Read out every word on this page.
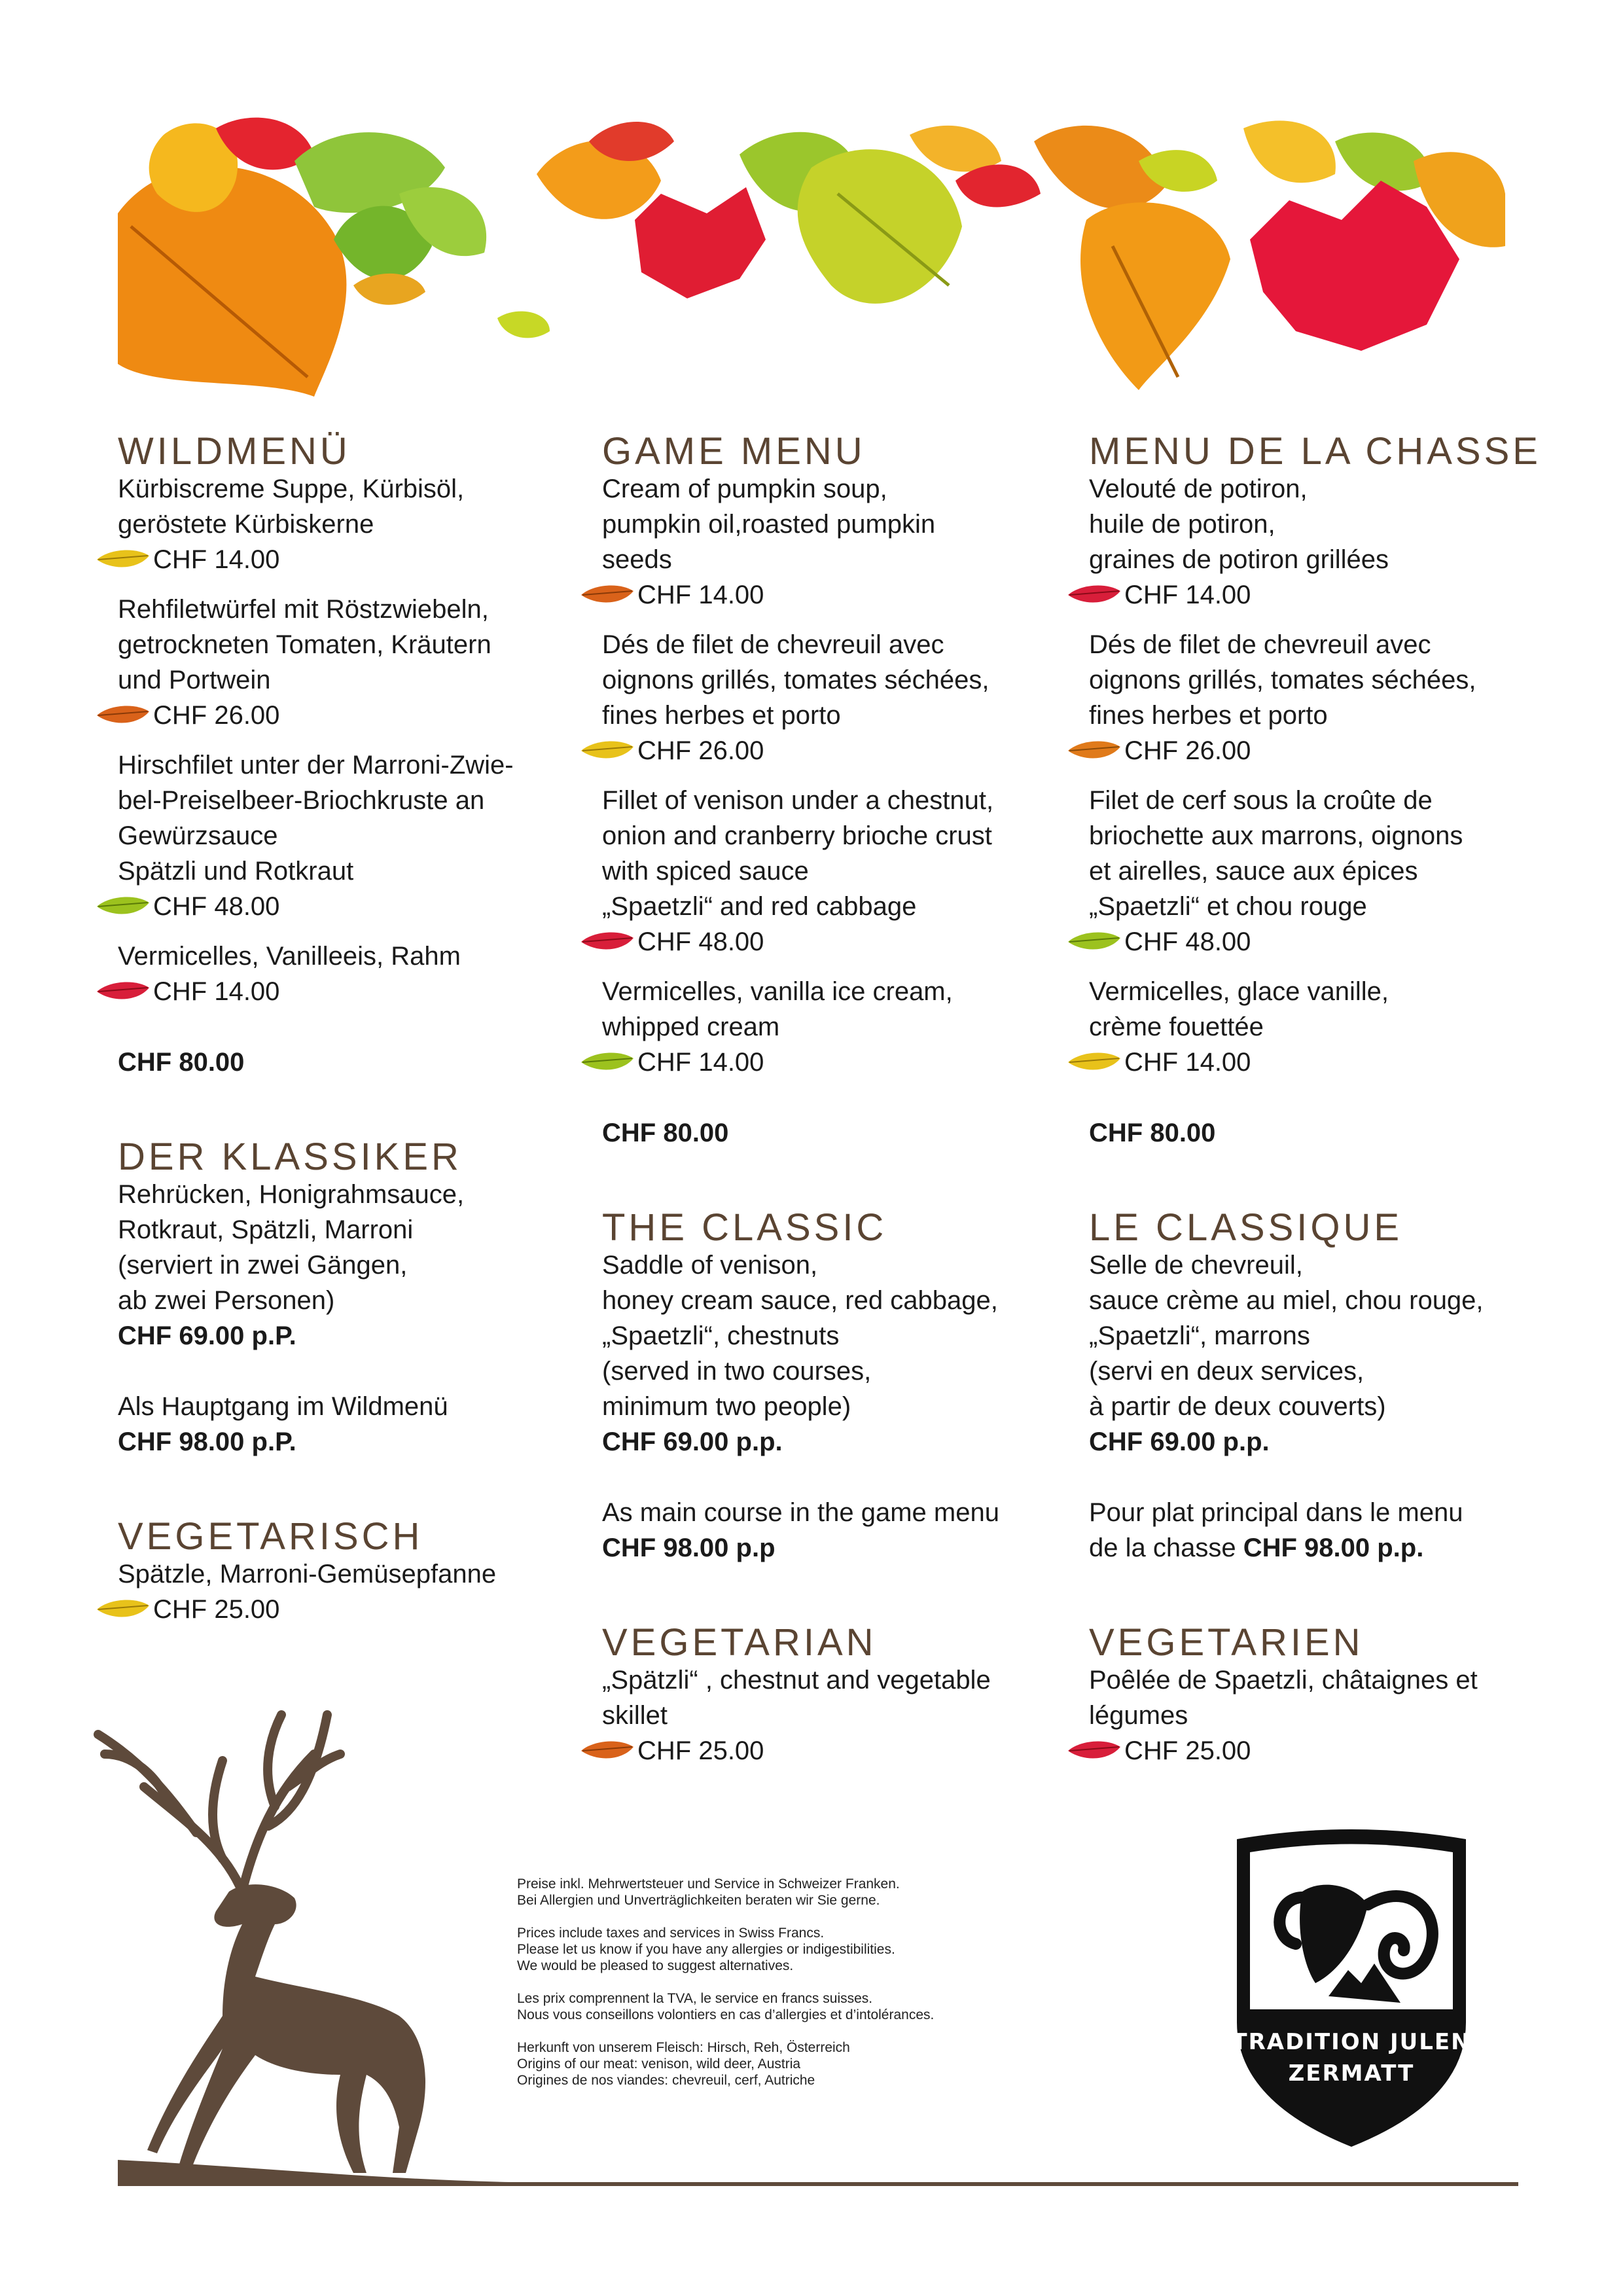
WILDMENÜ

Kürbiscreme Suppe, Kürbisöl,
geröstete Kürbiskerne

CHF 14.00

Rehfiletwürfel mit Röstzwiebeln,
getrockneten Tomaten, Kräutern
und Portwein

CHF 26.00

Hirschfilet unter der Marroni-Zwie-
bel-Preiselbeer-Briochkruste an
Gewürzsauce
Spätzli und Rotkraut

CHF 48.00

Vermicelles, Vanilleeis, Rahm

CHF 14.00

CHF 80.00

DER KLASSIKER

Rehrücken, Honigrahmsauce,
Rotkraut, Spätzli, Marroni
(serviert in zwei Gängen,
ab zwei Personen)

CHF 69.00 p.P.

Als Hauptgang im Wildmenü

CHF 98.00 p.P.

VEGETARISCH

Spätzle, Marroni-Gemüsepfanne

CHF 25.00
GAME MENU

Cream of pumpkin soup,
pumpkin oil,roasted pumpkin
seeds

CHF 14.00

Dés de filet de chevreuil avec
oignons grillés, tomates séchées,
fines herbes et porto

CHF 26.00

Fillet of venison under a chestnut,
onion and cranberry brioche crust
with spiced sauce
„Spaetzli“ and red cabbage

CHF 48.00

Vermicelles, vanilla ice cream,
whipped cream

CHF 14.00

CHF 80.00

THE CLASSIC

Saddle of venison,
honey cream sauce, red cabbage,
„Spaetzli“, chestnuts
(served in two courses,
minimum two people)

CHF 69.00 p.p.

As main course in the game menu

CHF 98.00 p.p

VEGETARIAN

„Spätzli“ , chestnut and vegetable
skillet

CHF 25.00
MENU DE LA CHASSE

Velouté de potiron,
huile de potiron,
graines de potiron grillées

CHF 14.00

Dés de filet de chevreuil avec
oignons grillés, tomates séchées,
fines herbes et porto

CHF 26.00

Filet de cerf sous la croûte de
briochette aux marrons, oignons
et airelles, sauce aux épices
„Spaetzli“ et chou rouge

CHF 48.00

Vermicelles, glace vanille,
crème fouettée

CHF 14.00

CHF 80.00

LE CLASSIQUE

Selle de chevreuil,
sauce crème au miel, chou rouge,
„Spaetzli“, marrons
(servi en deux services,
à partir de deux couverts)

CHF 69.00 p.p.

Pour plat principal dans le menu
de la chasse CHF 98.00 p.p.

VEGETARIEN

Poêlée de Spaetzli, châtaignes et
légumes

CHF 25.00

Preise inkl. Mehrwertsteuer und Service in Schweizer Franken.
Bei Allergien und Unverträglichkeiten beraten wir Sie gerne.

Prices include taxes and services in Swiss Francs.
Please let us know if you have any allergies or indigestibilities.
We would be pleased to suggest alternatives.

Les prix comprennent la TVA, le service en francs suisses.
Nous vous conseillons volontiers en cas d’allergies et d’intolérances.

Herkunft von unserem Fleisch: Hirsch, Reh, Österreich
Origins of our meat: venison, wild deer, Austria
Origines de nos viandes: chevreuil, cerf, Autriche

TRADITION JULEN
ZERMATT
